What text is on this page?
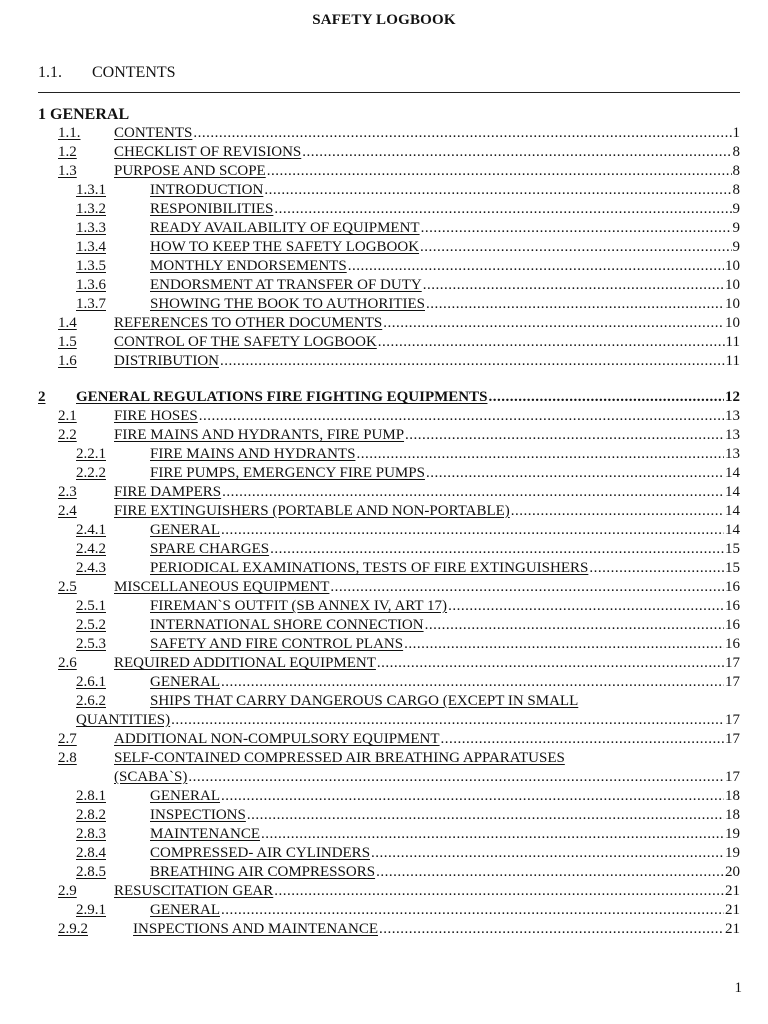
SAFETY LOGBOOK
1.1. CONTENTS
1 GENERAL
1.1.	CONTENTS .....	1
1.2	CHECKLIST OF REVISIONS .....	8
1.3	PURPOSE AND SCOPE .....	8
1.3.1	INTRODUCTION .....	8
1.3.2	RESPONIBILITIES .....	9
1.3.3	READY AVAILABILITY OF EQUIPMENT .....	9
1.3.4	HOW TO KEEP THE SAFETY LOGBOOK .....	9
1.3.5	MONTHLY ENDORSEMENTS .....	10
1.3.6	ENDORSMENT AT TRANSFER OF DUTY .....	10
1.3.7	SHOWING THE BOOK TO AUTHORITIES .....	10
1.4	REFERENCES TO OTHER DOCUMENTS .....	10
1.5	CONTROL OF THE SAFETY LOGBOOK .....	11
1.6	DISTRIBUTION .....	11
2	GENERAL REGULATIONS FIRE FIGHTING EQUIPMENTS .....	12
2.1	FIRE HOSES .....	13
2.2	FIRE MAINS AND HYDRANTS, FIRE PUMP .....	13
2.2.1	FIRE MAINS AND HYDRANTS .....	13
2.2.2	FIRE PUMPS, EMERGENCY FIRE PUMPS .....	14
2.3	FIRE DAMPERS .....	14
2.4	FIRE EXTINGUISHERS (PORTABLE AND NON-PORTABLE) .....	14
2.4.1	GENERAL .....	14
2.4.2	SPARE CHARGES .....	15
2.4.3	PERIODICAL EXAMINATIONS, TESTS OF FIRE EXTINGUISHERS .....	15
2.5	MISCELLANEOUS EQUIPMENT .....	16
2.5.1	FIREMAN`S OUTFIT (SB ANNEX IV, ART 17) .....	16
2.5.2	INTERNATIONAL SHORE CONNECTION .....	16
2.5.3	SAFETY AND FIRE CONTROL PLANS .....	16
2.6	REQUIRED ADDITIONAL EQUIPMENT .....	17
2.6.1	GENERAL .....	17
2.6.2	SHIPS THAT CARRY DANGEROUS CARGO (EXCEPT IN SMALL
QUANTITIES) .....	17
2.7	ADDITIONAL NON-COMPULSORY EQUIPMENT .....	17
2.8	SELF-CONTAINED COMPRESSED AIR BREATHING APPARATUSES
(SCABA`S) .....	17
2.8.1	GENERAL .....	18
2.8.2	INSPECTIONS .....	18
2.8.3	MAINTENANCE .....	19
2.8.4	COMPRESSED- AIR CYLINDERS .....	19
2.8.5	BREATHING AIR COMPRESSORS .....	20
2.9	RESUSCITATION GEAR .....	21
2.9.1	GENERAL .....	21
2.9.2	INSPECTIONS AND MAINTENANCE .....	21
1
